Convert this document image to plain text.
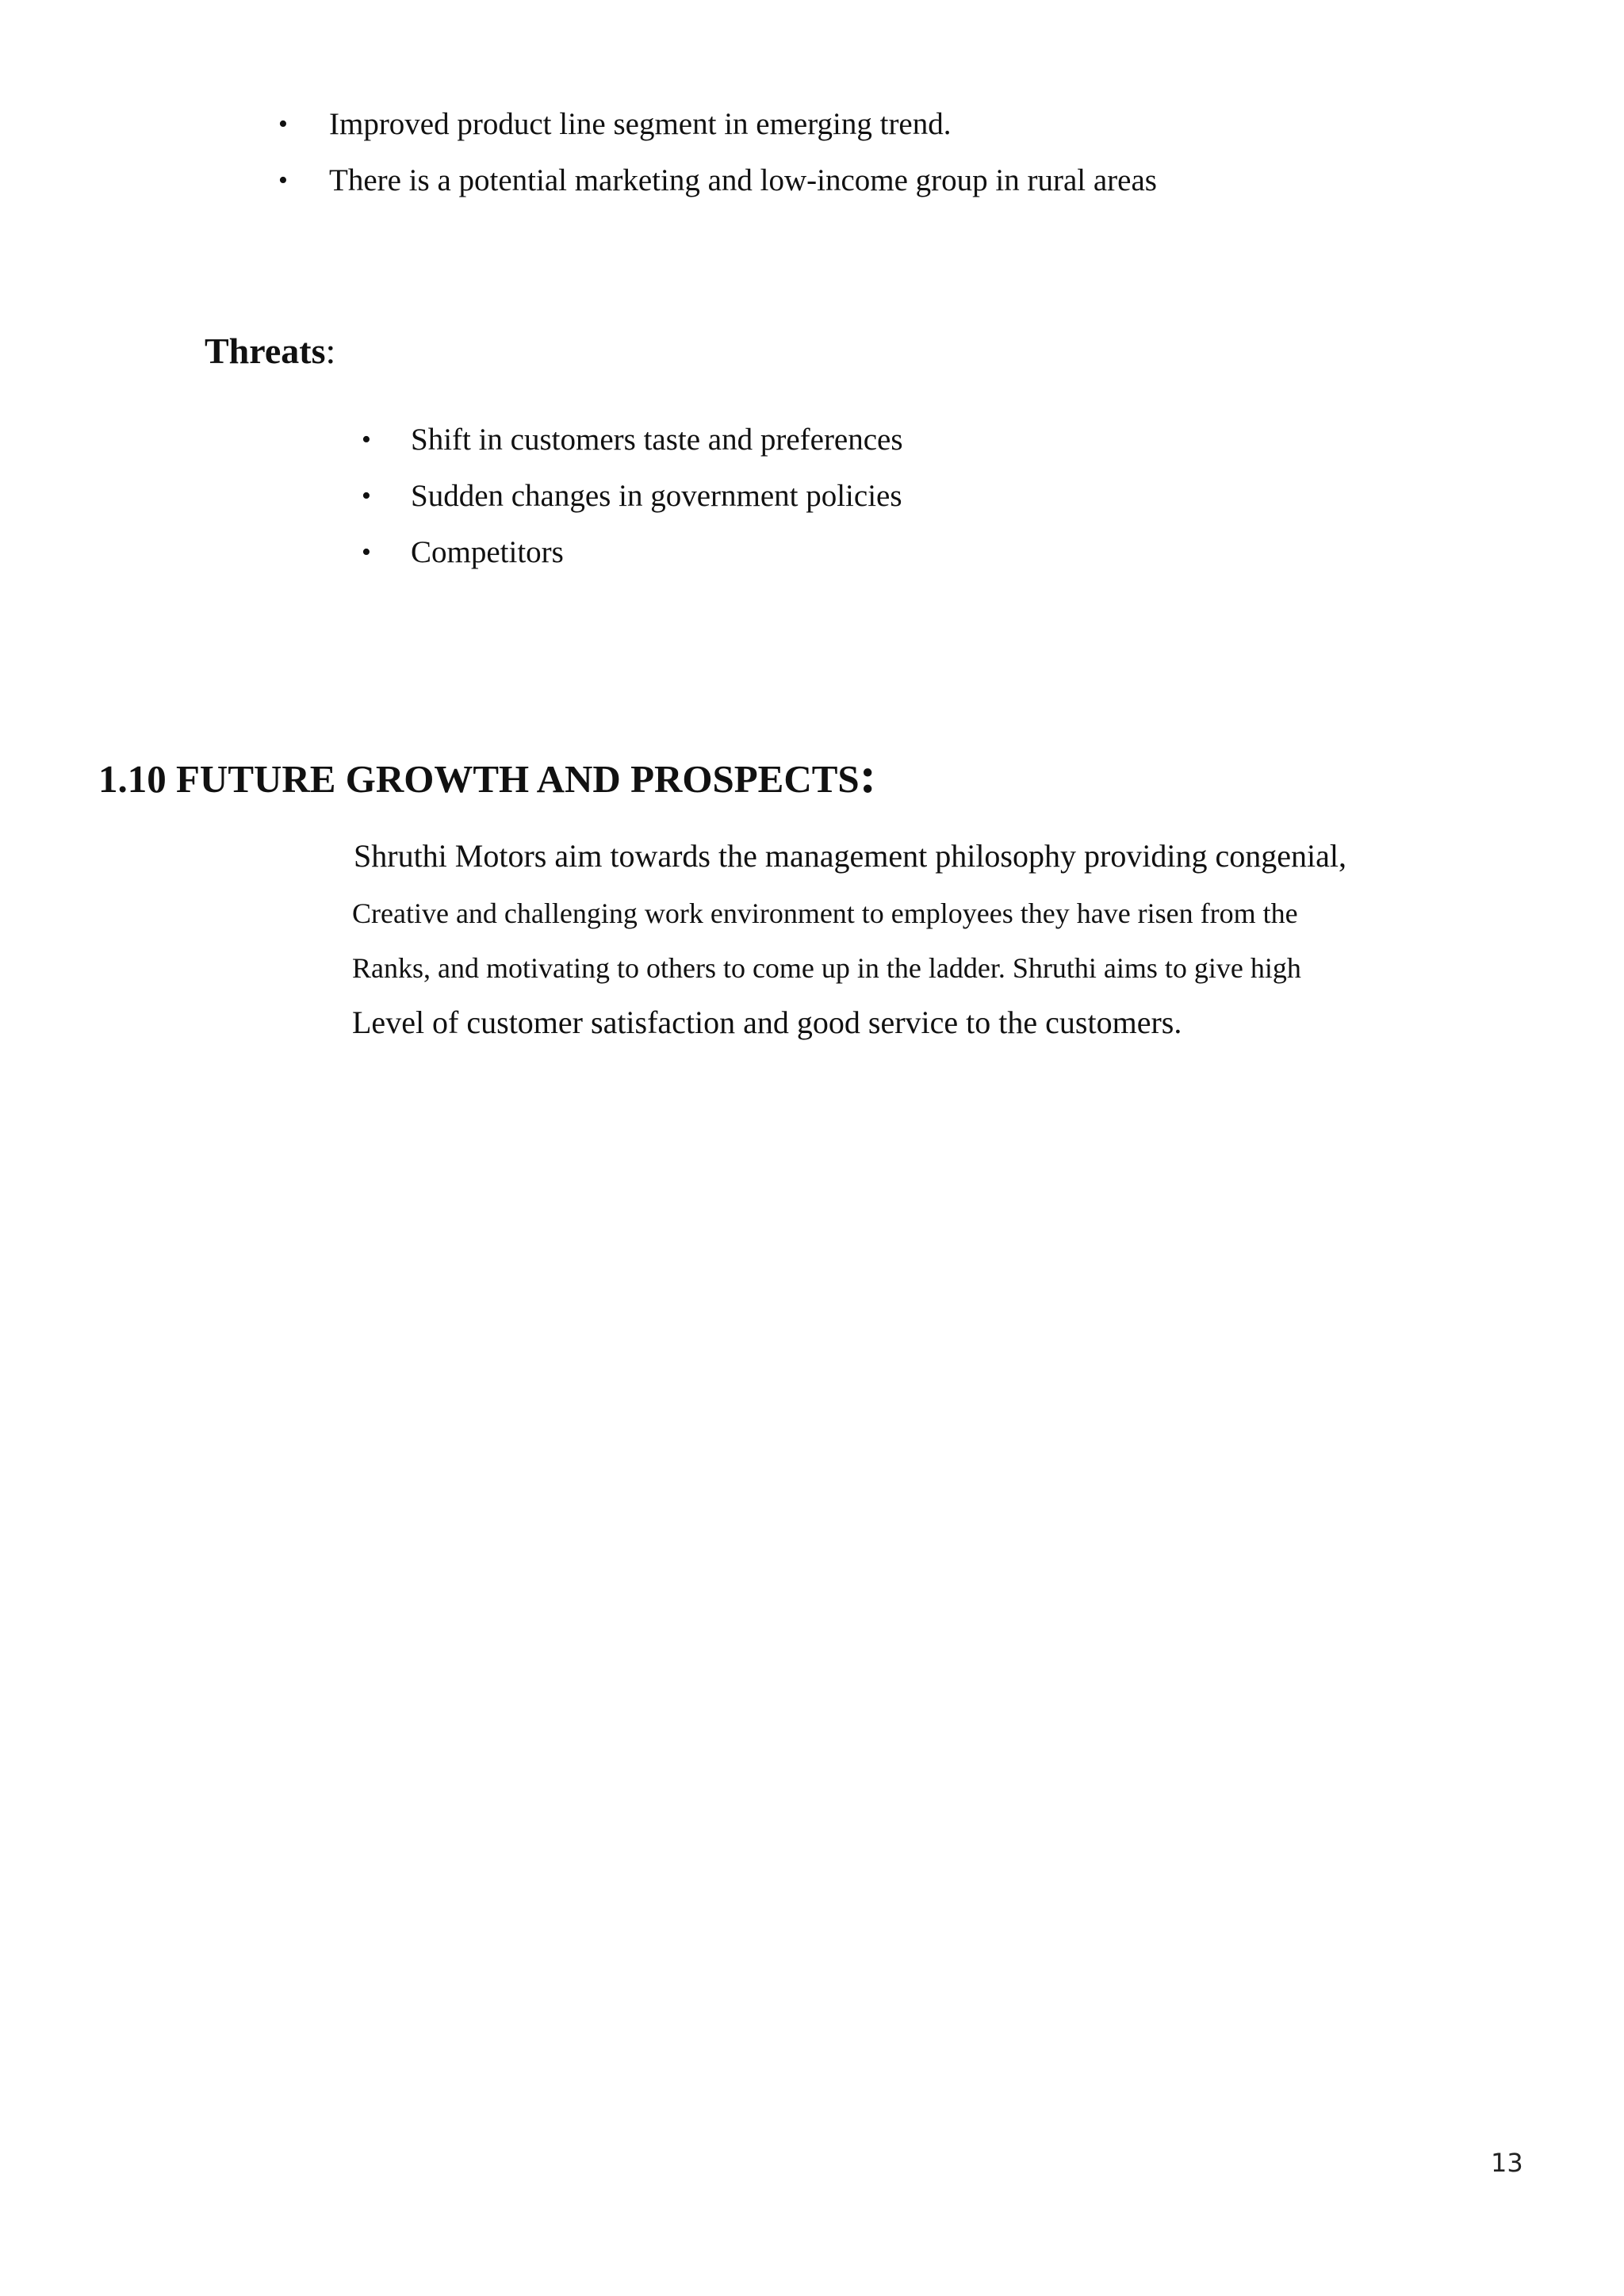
• Improved product line segment in emerging trend.
• There is a potential marketing and low-income group in rural areas
Threats:
• Shift in customers taste and preferences
• Sudden changes in government policies
• Competitors
1.10 FUTURE GROWTH AND PROSPECTS:
Shruthi Motors aim towards the management philosophy providing congenial,
Creative and challenging work environment to employees they have risen from the
Ranks, and motivating to others to come up in the ladder. Shruthi aims to give high
Level of customer satisfaction and good service to the customers.
13
